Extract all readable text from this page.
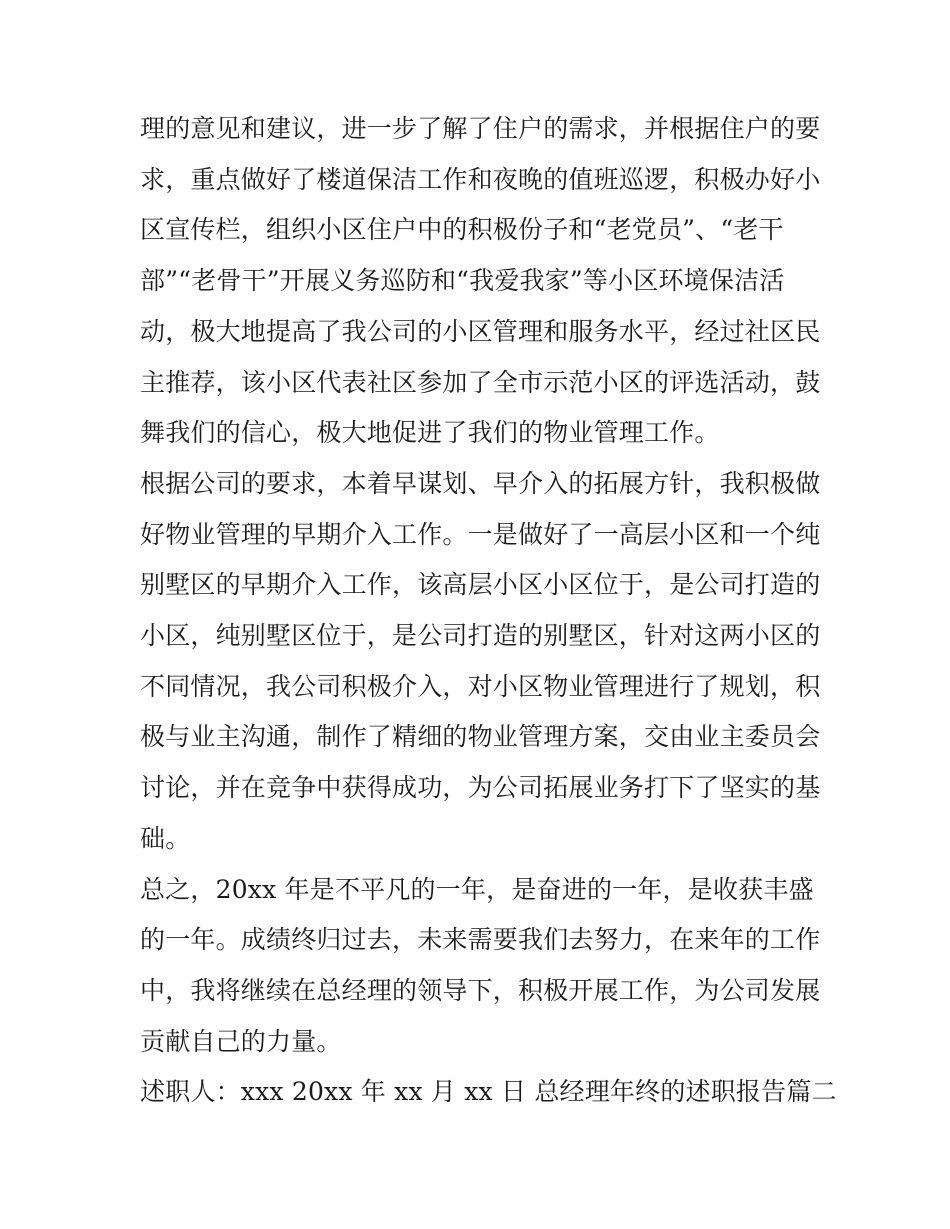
理的意见和建议，进一步了解了住户的需求，并根据住户的要
求，重点做好了楼道保洁工作和夜晚的值班巡逻，积极办好小
区宣传栏，组织小区住户中的积极份子和“老党员”、“老干
部”“老骨干”开展义务巡防和“我爱我家”等小区环境保洁活
动，极大地提高了我公司的小区管理和服务水平，经过社区民
主推荐，该小区代表社区参加了全市示范小区的评选活动，鼓
舞我们的信心，极大地促进了我们的物业管理工作。
根据公司的要求，本着早谋划、早介入的拓展方针，我积极做
好物业管理的早期介入工作。一是做好了一高层小区和一个纯
别墅区的早期介入工作，该高层小区小区位于，是公司打造的
小区，纯别墅区位于，是公司打造的别墅区，针对这两小区的
不同情况，我公司积极介入，对小区物业管理进行了规划，积
极与业主沟通，制作了精细的物业管理方案，交由业主委员会
讨论，并在竞争中获得成功，为公司拓展业务打下了坚实的基
础。
总之，20xx 年是不平凡的一年，是奋进的一年，是收获丰盛
的一年。成绩终归过去，未来需要我们去努力，在来年的工作
中，我将继续在总经理的领导下，积极开展工作，为公司发展
贡献自己的力量。
述职人：xxx 20xx 年 xx 月 xx 日 总经理年终的述职报告篇二
